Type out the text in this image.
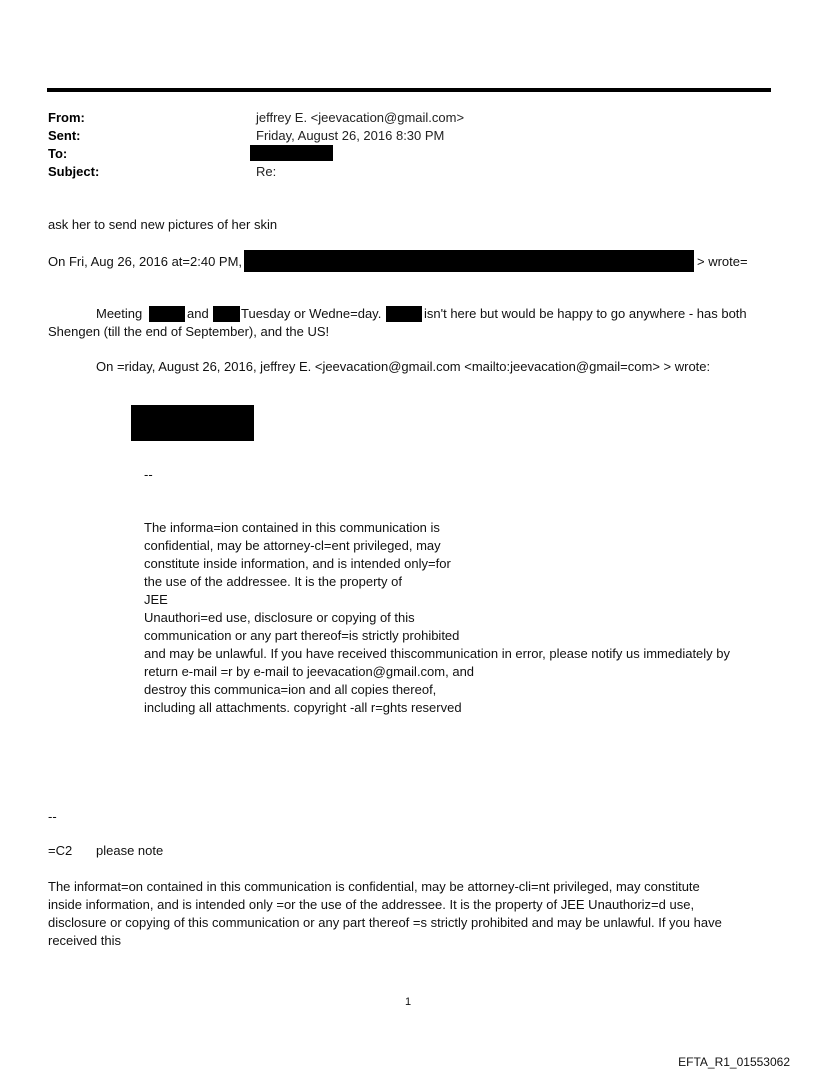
From:	jeffrey E. <jeevacation@gmail.com>
Sent:	Friday, August 26, 2016 8:30 PM
To:
Subject:	Re:
ask her to send new pictures of her skin
On Fri, Aug 26, 2016 at=2:40 PM,	> wrote=
Meeting	and Tuesday or Wedne=day.	isn't here but would be happy to go anywhere - has both
Shengen (till the end of September), and the US!
On =riday, August 26, 2016, jeffrey E. <jeevacation@gmail.com <mailto:jeevacation@gmail=com> > wrote:
--
The informa=ion contained in this communication is
confidential, may be attorney-cl=ent privileged, may
constitute inside information, and is intended only=for
the use of the addressee. It is the property of
JEE
Unauthori=ed use, disclosure or copying of this
communication or any part thereof=is strictly prohibited
and may be unlawful. If you have received thiscommunication in error, please notify us immediately by
return e-mail =r by e-mail to jeevacation@gmail.com, and
destroy this communica=ion and all copies thereof,
including all attachments. copyright -all r=ghts reserved
--
=C2 please note
The informat=on contained in this communication is confidential, may be attorney-cli=nt privileged, may constitute
inside information, and is intended only =or the use of the addressee. It is the property of JEE Unauthoriz=d use,
disclosure or copying of this communication or any part thereof =s strictly prohibited and may be unlawful. If you have
received this
1
EFTA_R1_01553062
